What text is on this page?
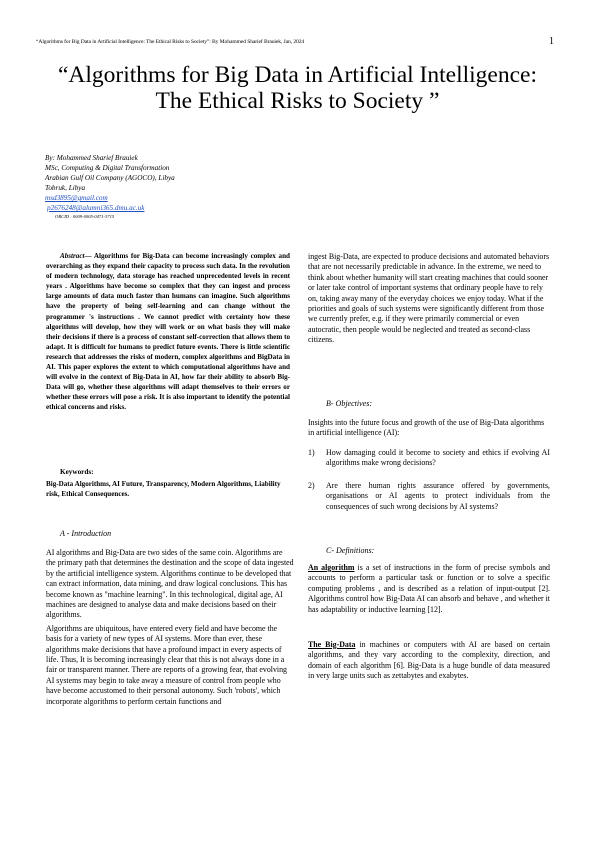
“Algorithms for Big Data in Artificial Intelligence: The Ethical Risks to Society”: By Mohammed Sharief Brauiek, Jan, 2024	1
“Algorithms for Big Data in Artificial Intelligence:
The Ethical Risks to Society ”
By: Mohammed Sharief Brauiek
MSc, Computing & Digital Transformation
Arabian Gulf Oil Company (AGOCO), Libya
Tobruk, Libya
msd3895@gmail.com
p2676248@alumni365.dmu.ac.uk
ORCID : 0009-0005-0471-3715
Abstract— Algorithms for Big-Data can become increasingly complex and overarching as they expand their capacity to process such data. In the revolution of modern technology, data storage has reached unprecedented levels in recent years . Algorithms have become so complex that they can ingest and process large amounts of data much faster than humans can imagine. Such algorithms have the property of being self-learning and can change without the programmer 's instructions . We cannot predict with certainty how these algorithms will develop, how they will work or on what basis they will make their decisions if there is a process of constant self-correction that allows them to adapt. It is difficult for humans to predict future events. There is little scientific research that addresses the risks of modern, complex algorithms and BigData in AI. This paper explores the extent to which computational algorithms have and will evolve in the context of Big-Data in AI, how far their ability to absorb Big-Data will go, whether these algorithms will adapt themselves to their errors or whether these errors will pose a risk. It is also important to identify the potential ethical concerns and risks.
Keywords:
Big-Data Algorithms, AI Future, Transparency, Modern Algorithms, Liability risk, Ethical Consequences.
A - Introduction

AI algorithms and Big-Data are two sides of the same coin. Algorithms are the primary path that determines the destination and the scope of data ingested by the artificial intelligence system. Algorithms continue to be developed that can extract information, data mining, and draw logical conclusions. This has become known as "machine learning". In this technological, digital age, AI machines are designed to analyse data and make decisions based on their algorithms.

Algorithms are ubiquitous, have entered every field and have become the basis for a variety of new types of AI systems. More than ever, these algorithms make decisions that have a profound impact in every aspects of life. Thus, It is becoming increasingly clear that this is not always done in a fair or transparent manner. There are reports of a growing fear, that evolving AI systems may begin to take away a measure of control from people who have become accustomed to their personal autonomy. Such 'robots', which incorporate algorithms to perform certain functions and

ingest Big-Data, are expected to produce decisions and automated behaviors that are not necessarily predictable in advance. In the extreme, we need to think about whether humanity will start creating machines that could sooner or later take control of important systems that ordinary people have to rely on, taking away many of the everyday choices we enjoy today. What if the priorities and goals of such systems were significantly different from those we currently prefer, e.g. if they were primarily commercial or even autocratic, then people would be neglected and treated as second-class citizens.
B- Objectives:
Insights into the future focus and growth of the use of Big-Data algorithms in artificial intelligence (AI):
1)	How damaging could it become to society and ethics if evolving AI algorithms make wrong decisions?
2)	Are there human rights assurance offered by governments, organisations or AI agents to protect individuals from the consequences of such wrong decisions by AI systems?
C- Definitions:
An algorithm is a set of instructions in the form of precise symbols and accounts to perform a particular task or function or to solve a specific computing problems , and is described as a relation of input-output [2]. Algorithms control how Big-Data AI can absorb and behave , and whether it has adaptability or inductive learning [12].
The Big-Data in machines or computers with AI are based on certain algorithms, and they vary according to the complexity, direction, and domain of each algorithm [6]. Big-Data is a huge bundle of data measured in very large units such as zettabytes and exabytes.
